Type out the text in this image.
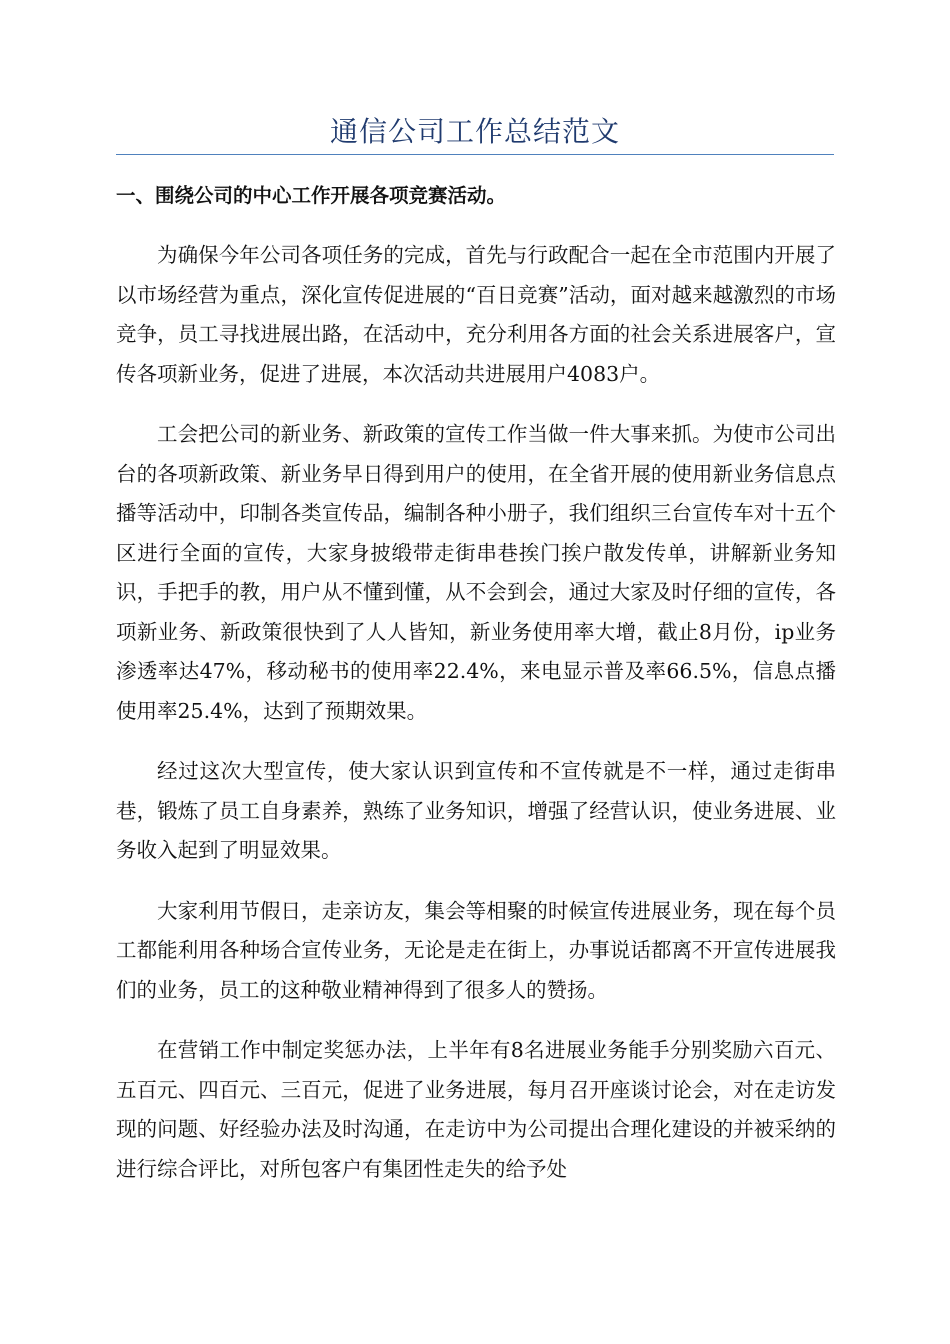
通信公司工作总结范文
一、围绕公司的中心工作开展各项竞赛活动。

为确保今年公司各项任务的完成，首先与行政配合一起在全市范围内开展了以市场经营为重点，深化宣传促进展的“百日竞赛”活动，面对越来越激烈的市场竞争，员工寻找进展出路，在活动中，充分利用各方面的社会关系进展客户，宣传各项新业务，促进了进展，本次活动共进展用户4083户。

工会把公司的新业务、新政策的宣传工作当做一件大事来抓。为使市公司出台的各项新政策、新业务早日得到用户的使用，在全省开展的使用新业务信息点播等活动中，印制各类宣传品，编制各种小册子，我们组织三台宣传车对十五个区进行全面的宣传，大家身披缎带走街串巷挨门挨户散发传单，讲解新业务知识，手把手的教，用户从不懂到懂，从不会到会，通过大家及时仔细的宣传，各项新业务、新政策很快到了人人皆知，新业务使用率大增，截止8月份，ip业务渗透率达47%，移动秘书的使用率22.4%，来电显示普及率66.5%，信息点播使用率25.4%，达到了预期效果。

经过这次大型宣传，使大家认识到宣传和不宣传就是不一样，通过走街串巷，锻炼了员工自身素养，熟练了业务知识，增强了经营认识，使业务进展、业务收入起到了明显效果。

大家利用节假日，走亲访友，集会等相聚的时候宣传进展业务，现在每个员工都能利用各种场合宣传业务，无论是走在街上，办事说话都离不开宣传进展我们的业务，员工的这种敬业精神得到了很多人的赞扬。

在营销工作中制定奖惩办法，上半年有8名进展业务能手分别奖励六百元、五百元、四百元、三百元，促进了业务进展，每月召开座谈讨论会，对在走访发现的问题、好经验办法及时沟通，在走访中为公司提出合理化建设的并被采纳的进行综合评比，对所包客户有集团性走失的给予处
